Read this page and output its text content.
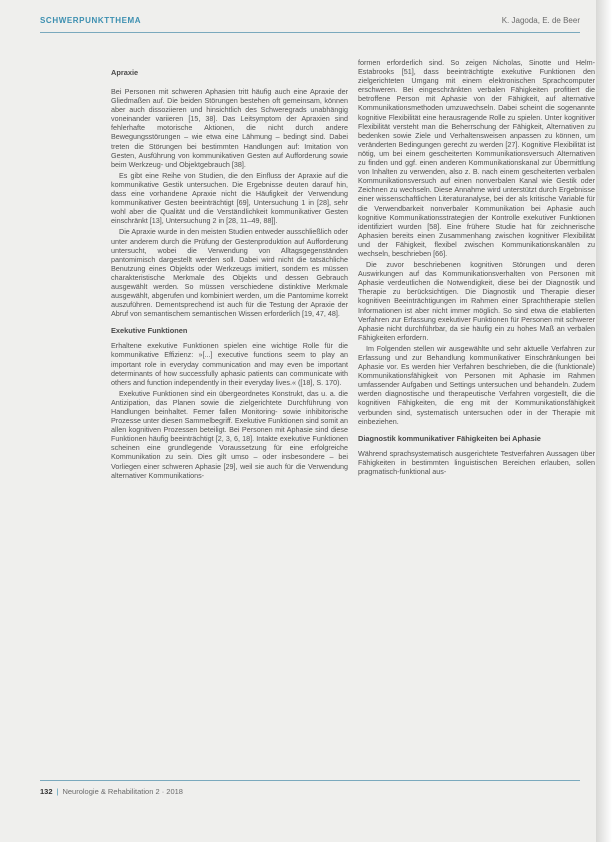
SCHWERPUNKTTHEMA	K. Jagoda, E. de Beer
Apraxie

Bei Personen mit schweren Aphasien tritt häufig auch eine Apraxie der Gliedmaßen auf. Die beiden Störungen bestehen oft gemeinsam, können aber auch dissoziieren und hinsichtlich des Schweregrads unabhängig voneinander variieren [15, 38]. Das Leitsymptom der Apraxien sind fehlerhafte motorische Aktionen, die nicht durch andere Bewegungsstörungen – wie etwa eine Lähmung – bedingt sind. Dabei treten die Störungen bei bestimmten Handlungen auf: Imitation von Gesten, Ausführung von kommunikativen Gesten auf Aufforderung sowie beim Werkzeug- und Objektgebrauch [38].

Es gibt eine Reihe von Studien, die den Einfluss der Apraxie auf die kommunikative Gestik untersuchen. Die Ergebnisse deuten darauf hin, dass eine vorhandene Apraxie nicht die Häufigkeit der Verwendung kommunikativer Gesten beeinträchtigt [69], Untersuchung 1 in [28], sehr wohl aber die Qualität und die Verständlichkeit kommunikativer Gesten einschränkt [13], Untersuchung 2 in [28, 11–49, 88]].

Die Apraxie wurde in den meisten Studien entweder ausschließlich oder unter anderem durch die Prüfung der Gestenproduktion auf Aufforderung untersucht, wobei die Verwendung von Alltagsgegenständen pantomimisch dargestellt werden soll. Dabei wird nicht die tatsächliche Benutzung eines Objekts oder Werkzeugs imitiert, sondern es müssen charakteristische Merkmale des Objekts und dessen Gebrauch ausgewählt werden. So müssen verschiedene distinktive Merkmale ausgewählt, abgerufen und kombiniert werden, um die Pantomime korrekt auszuführen. Dementsprechend ist auch für die Testung der Apraxie der Abruf von semantischem semantischen Wissen erforderlich [19, 47, 48].

Exekutive Funktionen

Erhaltene exekutive Funktionen spielen eine wichtige Rolle für die kommunikative Effizienz: »[...] executive functions seem to play an important role in everyday communication and may even be important determinants of how successfully aphasic patients can communicate with others and function independently in their everyday lives.« ([18], S. 170).

Exekutive Funktionen sind ein übergeordnetes Konstrukt, das u. a. die Antizipation, das Planen sowie die zielgerichtete Durchführung von Handlungen beinhaltet. Ferner fallen Monitoring- sowie inhibitorische Prozesse unter diesen Sammelbegriff. Exekutive Funktionen sind somit an allen kognitiven Prozessen beteiligt. Bei Personen mit Aphasie sind diese Funktionen häufig beeinträchtigt [2, 3, 6, 18]. Intakte exekutive Funktionen scheinen eine grundlegende Voraussetzung für eine erfolgreiche Kommunikation zu sein. Dies gilt umso – oder insbesondere – bei Vorliegen einer schweren Aphasie [29], weil sie auch für die Verwendung alternativer Kommunikations-

formen erforderlich sind. So zeigen Nicholas, Sinotte und Helm-Estabrooks [51], dass beeinträchtigte exekutive Funktionen den zielgerichteten Umgang mit einem elektronischen Sprachcomputer erschweren. Bei eingeschränkten verbalen Fähigkeiten profitiert die betroffene Person mit Aphasie von der Fähigkeit, auf alternative Kommunikationsmethoden umzuwechseln. Dabei scheint die sogenannte kognitive Flexibilität eine herausragende Rolle zu spielen. Unter kognitiver Flexibilität versteht man die Beherrschung der Fähigkeit, Alternativen zu bedenken sowie Ziele und Verhaltensweisen anpassen zu können, um veränderten Bedingungen gerecht zu werden [27]. Kognitive Flexibilität ist nötig, um bei einem gescheiterten Kommunikationsversuch Alternativen zu finden und ggf. einen anderen Kommunikationskanal zur Übermittlung von Inhalten zu verwenden, also z. B. nach einem gescheiterten verbalen Kommunikationsversuch auf einen nonverbalen Kanal wie Gestik oder Zeichnen zu wechseln. Diese Annahme wird unterstützt durch Ergebnisse einer wissenschaftlichen Literaturanalyse, bei der als kritische Variable für die Verwendbarkeit nonverbaler Kommunikation bei Aphasie auch kognitive Kommunikationsstrategien der Kontrolle exekutiver Funktionen identifiziert wurden [58]. Eine frühere Studie hat für zeichnerische Aphasien bereits einen Zusammenhang zwischen kognitiver Flexibilität und der Fähigkeit, flexibel zwischen Kommunikationskanälen zu wechseln, beschrieben [66].

Die zuvor beschriebenen kognitiven Störungen und deren Auswirkungen auf das Kommunikationsverhalten von Personen mit Aphasie verdeutlichen die Notwendigkeit, diese bei der Diagnostik und Therapie zu berücksichtigen. Die Diagnostik und Therapie dieser kognitiven Beeinträchtigungen im Rahmen einer Sprachtherapie stellen Informationen ist aber nicht immer möglich. So sind etwa die etablierten Verfahren zur Erfassung exekutiver Funktionen für Personen mit schwerer Aphasie nicht durchführbar, da sie häufig ein zu hohes Maß an verbalen Fähigkeiten erfordern.

Im Folgenden stellen wir ausgewählte und sehr aktuelle Verfahren zur Erfassung und zur Behandlung kommunikativer Einschränkungen bei Aphasie vor. Es werden hier Verfahren beschrieben, die die (funktionale) Kommunikationsfähigkeit von Personen mit Aphasie im Rahmen umfassender Aufgaben und Settings untersuchen und behandeln. Zudem werden diagnostische und therapeutische Verfahren vorgestellt, die die kognitiven Fähigkeiten, die eng mit der Kommunikationsfähigkeit verbunden sind, systematisch untersuchen oder in der Therapie mit einbeziehen.

Diagnostik kommunikativer Fähigkeiten bei Aphasie

Während sprachsystematisch ausgerichtete Testverfahren Aussagen über Fähigkeiten in bestimmten linguistischen Bereichen erlauben, sollen pragmatisch-funktional aus-

132 | Neurologie & Rehabilitation 2 · 2018
